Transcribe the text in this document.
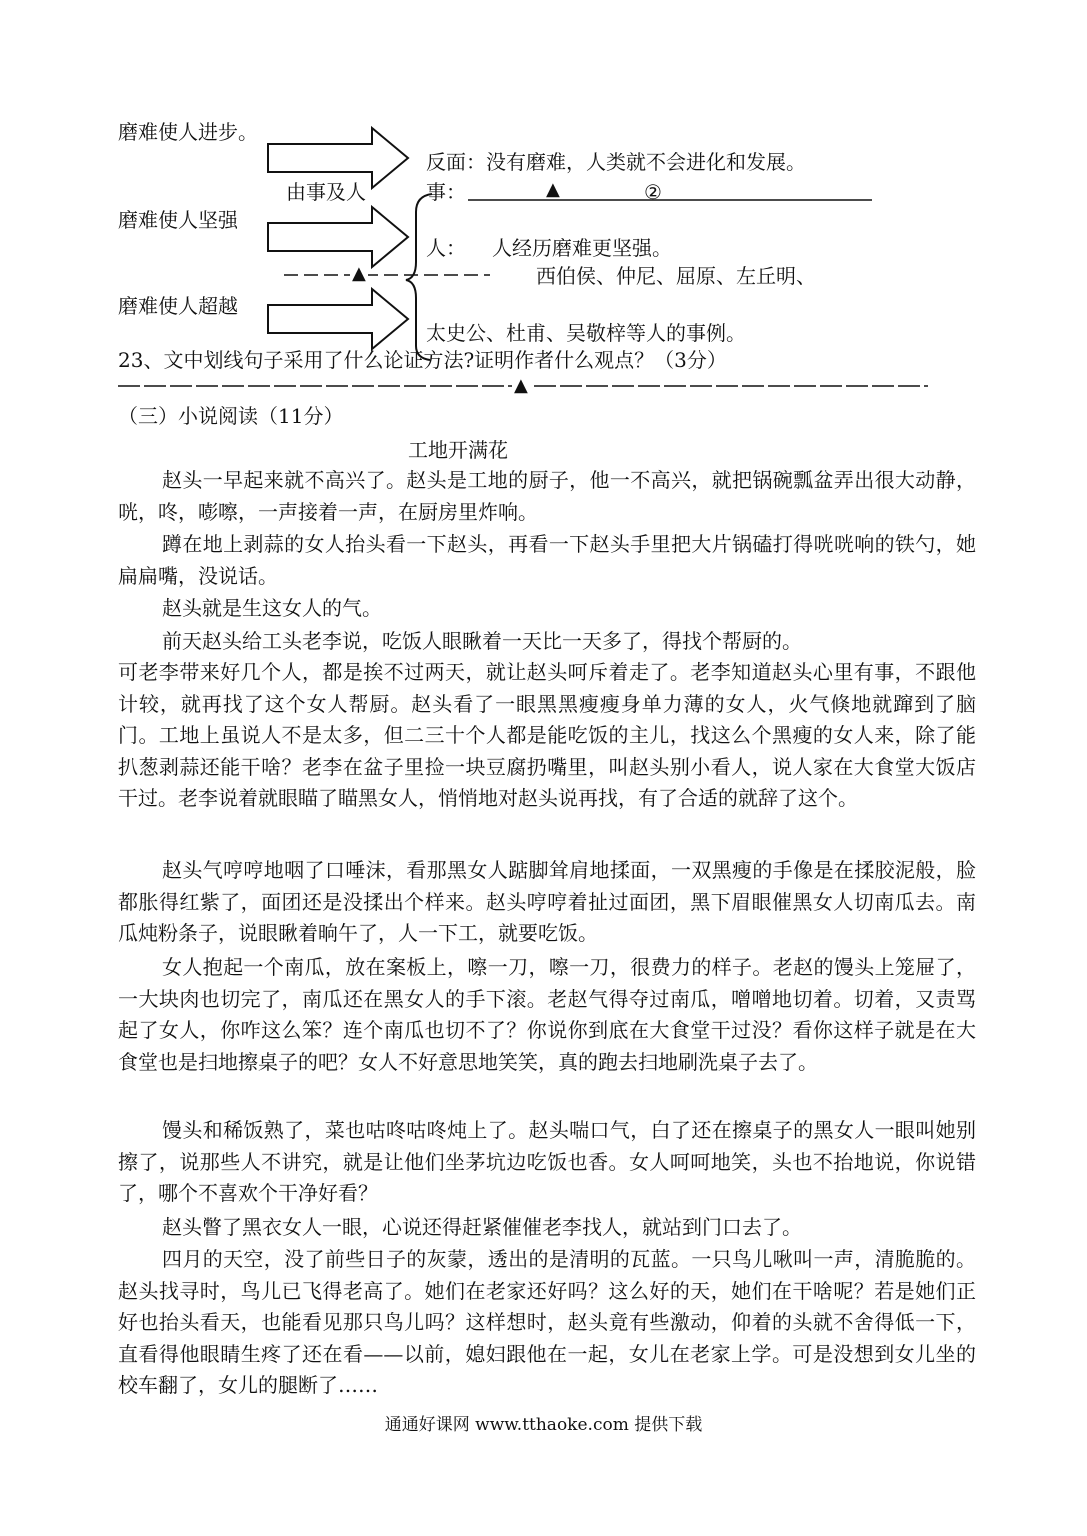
磨难使人进步。
磨难使人坚强
磨难使人超越
由事及人
反面：没有磨难，人类就不会进化和发展。
事：	▲	②
人： 人经历磨难更坚强。
▲	西伯侯、仲尼、屈原、左丘明、
太史公、杜甫、吴敬梓等人的事例。
23、文中划线句子采用了什么论证方法?证明作者什么观点？（3分）
▲
（三）小说阅读（11分）
工地开满花

赵头一早起来就不高兴了。赵头是工地的厨子，他一不高兴，就把锅碗瓢盆弄出很大动静，咣，咚，嘭嚓，一声接着一声，在厨房里炸响。

蹲在地上剥蒜的女人抬头看一下赵头，再看一下赵头手里把大片锅磕打得咣咣响的铁勺，她扁扁嘴，没说话。

赵头就是生这女人的气。

前天赵头给工头老李说，吃饭人眼瞅着一天比一天多了，得找个帮厨的。

可老李带来好几个人，都是挨不过两天，就让赵头呵斥着走了。老李知道赵头心里有事，不跟他计较，就再找了这个女人帮厨。赵头看了一眼黑黑瘦瘦身单力薄的女人，火气倏地就蹿到了脑门。工地上虽说人不是太多，但二三十个人都是能吃饭的主儿，找这么个黑瘦的女人来，除了能扒葱剥蒜还能干啥？老李在盆子里捡一块豆腐扔嘴里，叫赵头别小看人，说人家在大食堂大饭店干过。老李说着就眼瞄了瞄黑女人，悄悄地对赵头说再找，有了合适的就辞了这个。

赵头气哼哼地咽了口唾沫，看那黑女人踮脚耸肩地揉面，一双黑瘦的手像是在揉胶泥般，脸都胀得红紫了，面团还是没揉出个样来。赵头哼哼着扯过面团，黑下眉眼催黑女人切南瓜去。南瓜炖粉条子，说眼瞅着晌午了，人一下工，就要吃饭。

女人抱起一个南瓜，放在案板上，嚓一刀，嚓一刀，很费力的样子。老赵的馒头上笼屉了，一大块肉也切完了，南瓜还在黑女人的手下滚。老赵气得夺过南瓜，噌噌地切着。切着，又责骂起了女人，你咋这么笨？连个南瓜也切不了？你说你到底在大食堂干过没？看你这样子就是在大食堂也是扫地擦桌子的吧？女人不好意思地笑笑，真的跑去扫地刷洗桌子去了。

馒头和稀饭熟了，菜也咕咚咕咚炖上了。赵头喘口气，白了还在擦桌子的黑女人一眼叫她别擦了，说那些人不讲究，就是让他们坐茅坑边吃饭也香。女人呵呵地笑，头也不抬地说，你说错了，哪个不喜欢个干净好看？

赵头瞥了黑衣女人一眼，心说还得赶紧催催老李找人，就站到门口去了。

四月的天空，没了前些日子的灰蒙，透出的是清明的瓦蓝。一只鸟儿啾叫一声，清脆脆的。赵头找寻时，鸟儿已飞得老高了。她们在老家还好吗？这么好的天，她们在干啥呢？若是她们正好也抬头看天，也能看见那只鸟儿吗？这样想时，赵头竟有些激动，仰着的头就不舍得低一下，直看得他眼睛生疼了还在看——以前，媳妇跟他在一起，女儿在老家上学。可是没想到女儿坐的校车翻了，女儿的腿断了……

通通好课网 www.tthaoke.com 提供下载
